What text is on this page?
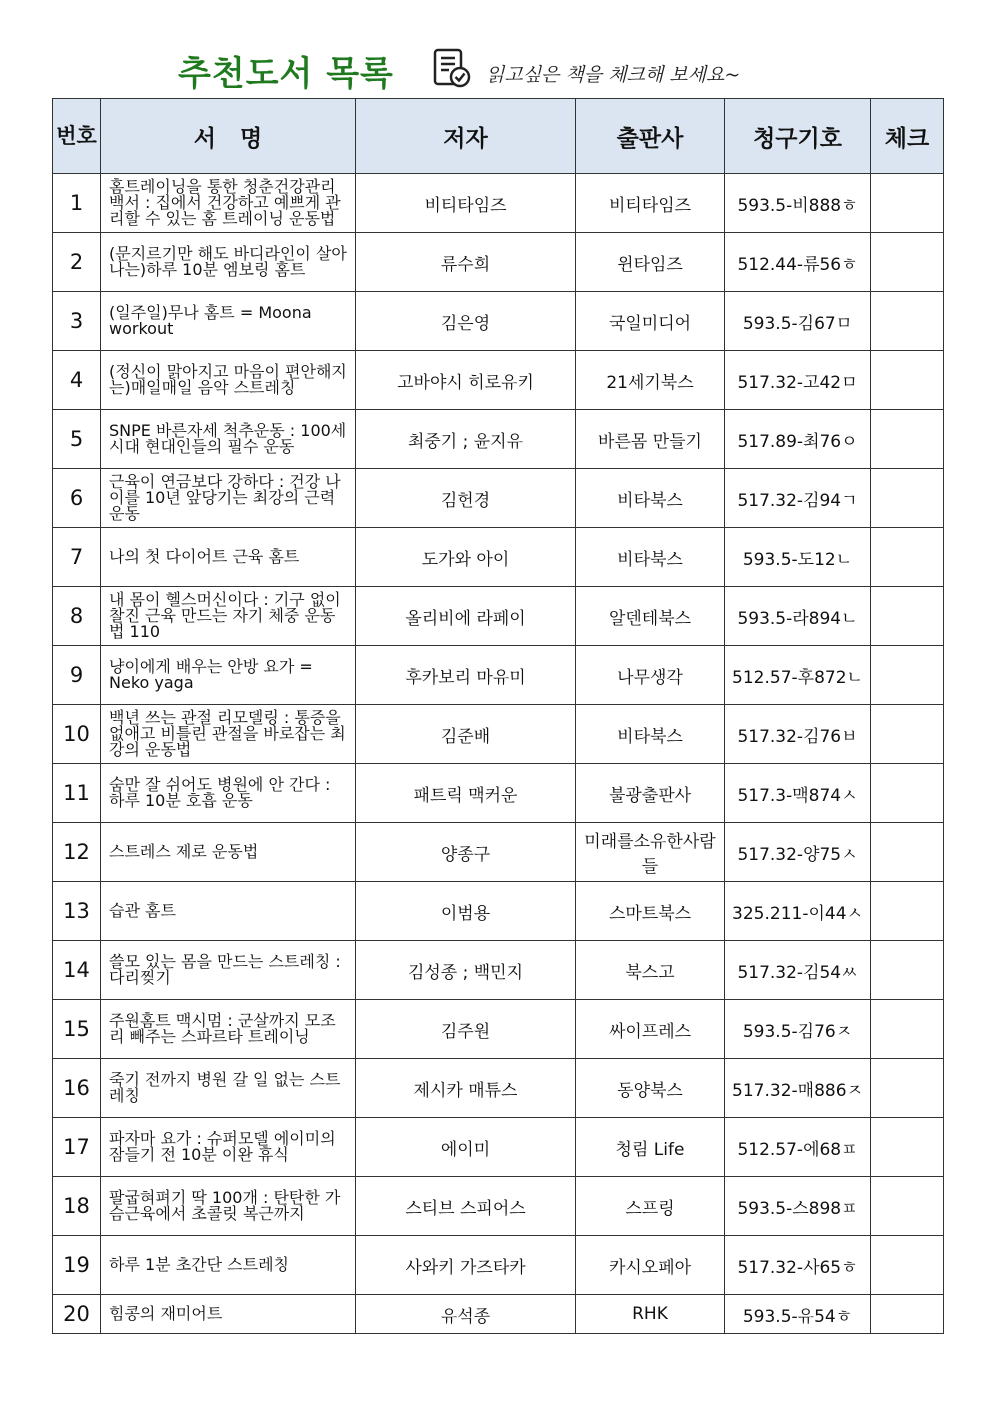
추천도서 목록	읽고싶은 책을 체크해 보세요~
번호	서   명	저자	출판사	청구기호	체크
1	홈트레이닝을 통한 청춘건강관리백서 : 집에서 건강하고 예쁘게 관리할 수 있는 홈 트레이닝 운동법	비티타임즈	비티타임즈	593.5-비888ㅎ	
2	(문지르기만 해도 바디라인이 살아나는)하루 10분 엠보링 홈트	류수희	윈타임즈	512.44-류56ㅎ	
3	(일주일)무나 홈트 = Moona workout	김은영	국일미디어	593.5-김67ㅁ	
4	(정신이 맑아지고 마음이 편안해지는)매일매일 음악 스트레칭	고바야시 히로유키	21세기북스	517.32-고42ㅁ	
5	SNPE 바른자세 척추운동 : 100세 시대 현대인들의 필수 운동	최중기 ; 윤지유	바른몸 만들기	517.89-최76ㅇ	
6	근육이 연금보다 강하다 : 건강 나이를 10년 앞당기는 최강의 근력 운동	김헌경	비타북스	517.32-김94ㄱ	
7	나의 첫 다이어트 근육 홈트	도가와 아이	비타북스	593.5-도12ㄴ	
8	내 몸이 헬스머신이다 : 기구 없이 찰진 근육 만드는 자기 체중 운동법 110	올리비에 라페이	알덴테북스	593.5-라894ㄴ	
9	냥이에게 배우는 안방 요가 = Neko yaga	후카보리 마유미	나무생각	512.57-후872ㄴ	
10	백년 쓰는 관절 리모델링 : 통증을 없애고 비틀린 관절을 바로잡는 최강의 운동법	김준배	비타북스	517.32-김76ㅂ	
11	숨만 잘 쉬어도 병원에 안 간다 : 하루 10분 호흡 운동	패트릭 맥커운	불광출판사	517.3-맥874ㅅ	
12	스트레스 제로 운동법	양종구	미래를소유한사람들	517.32-양75ㅅ	
13	습관 홈트	이범용	스마트북스	325.211-이44ㅅ	
14	쓸모 있는 몸을 만드는 스트레칭 : 다리찢기	김성종 ; 백민지	북스고	517.32-김54ㅆ	
15	주원홈트 맥시멈 : 군살까지 모조리 빼주는 스파르타 트레이닝	김주원	싸이프레스	593.5-김76ㅈ	
16	죽기 전까지 병원 갈 일 없는 스트레칭	제시카 매튜스	동양북스	517.32-매886ㅈ	
17	파자마 요가 : 슈퍼모델 에이미의 잠들기 전 10분 이완 휴식	에이미	청림 Life	512.57-에68ㅍ	
18	팔굽혀펴기 딱 100개 : 탄탄한 가슴근육에서 초콜릿 복근까지	스티브 스피어스	스프링	593.5-스898ㅍ	
19	하루 1분 초간단 스트레칭	사와키 가즈타카	카시오페아	517.32-사65ㅎ	
20	힘콩의 재미어트	유석종	RHK	593.5-유54ㅎ	
